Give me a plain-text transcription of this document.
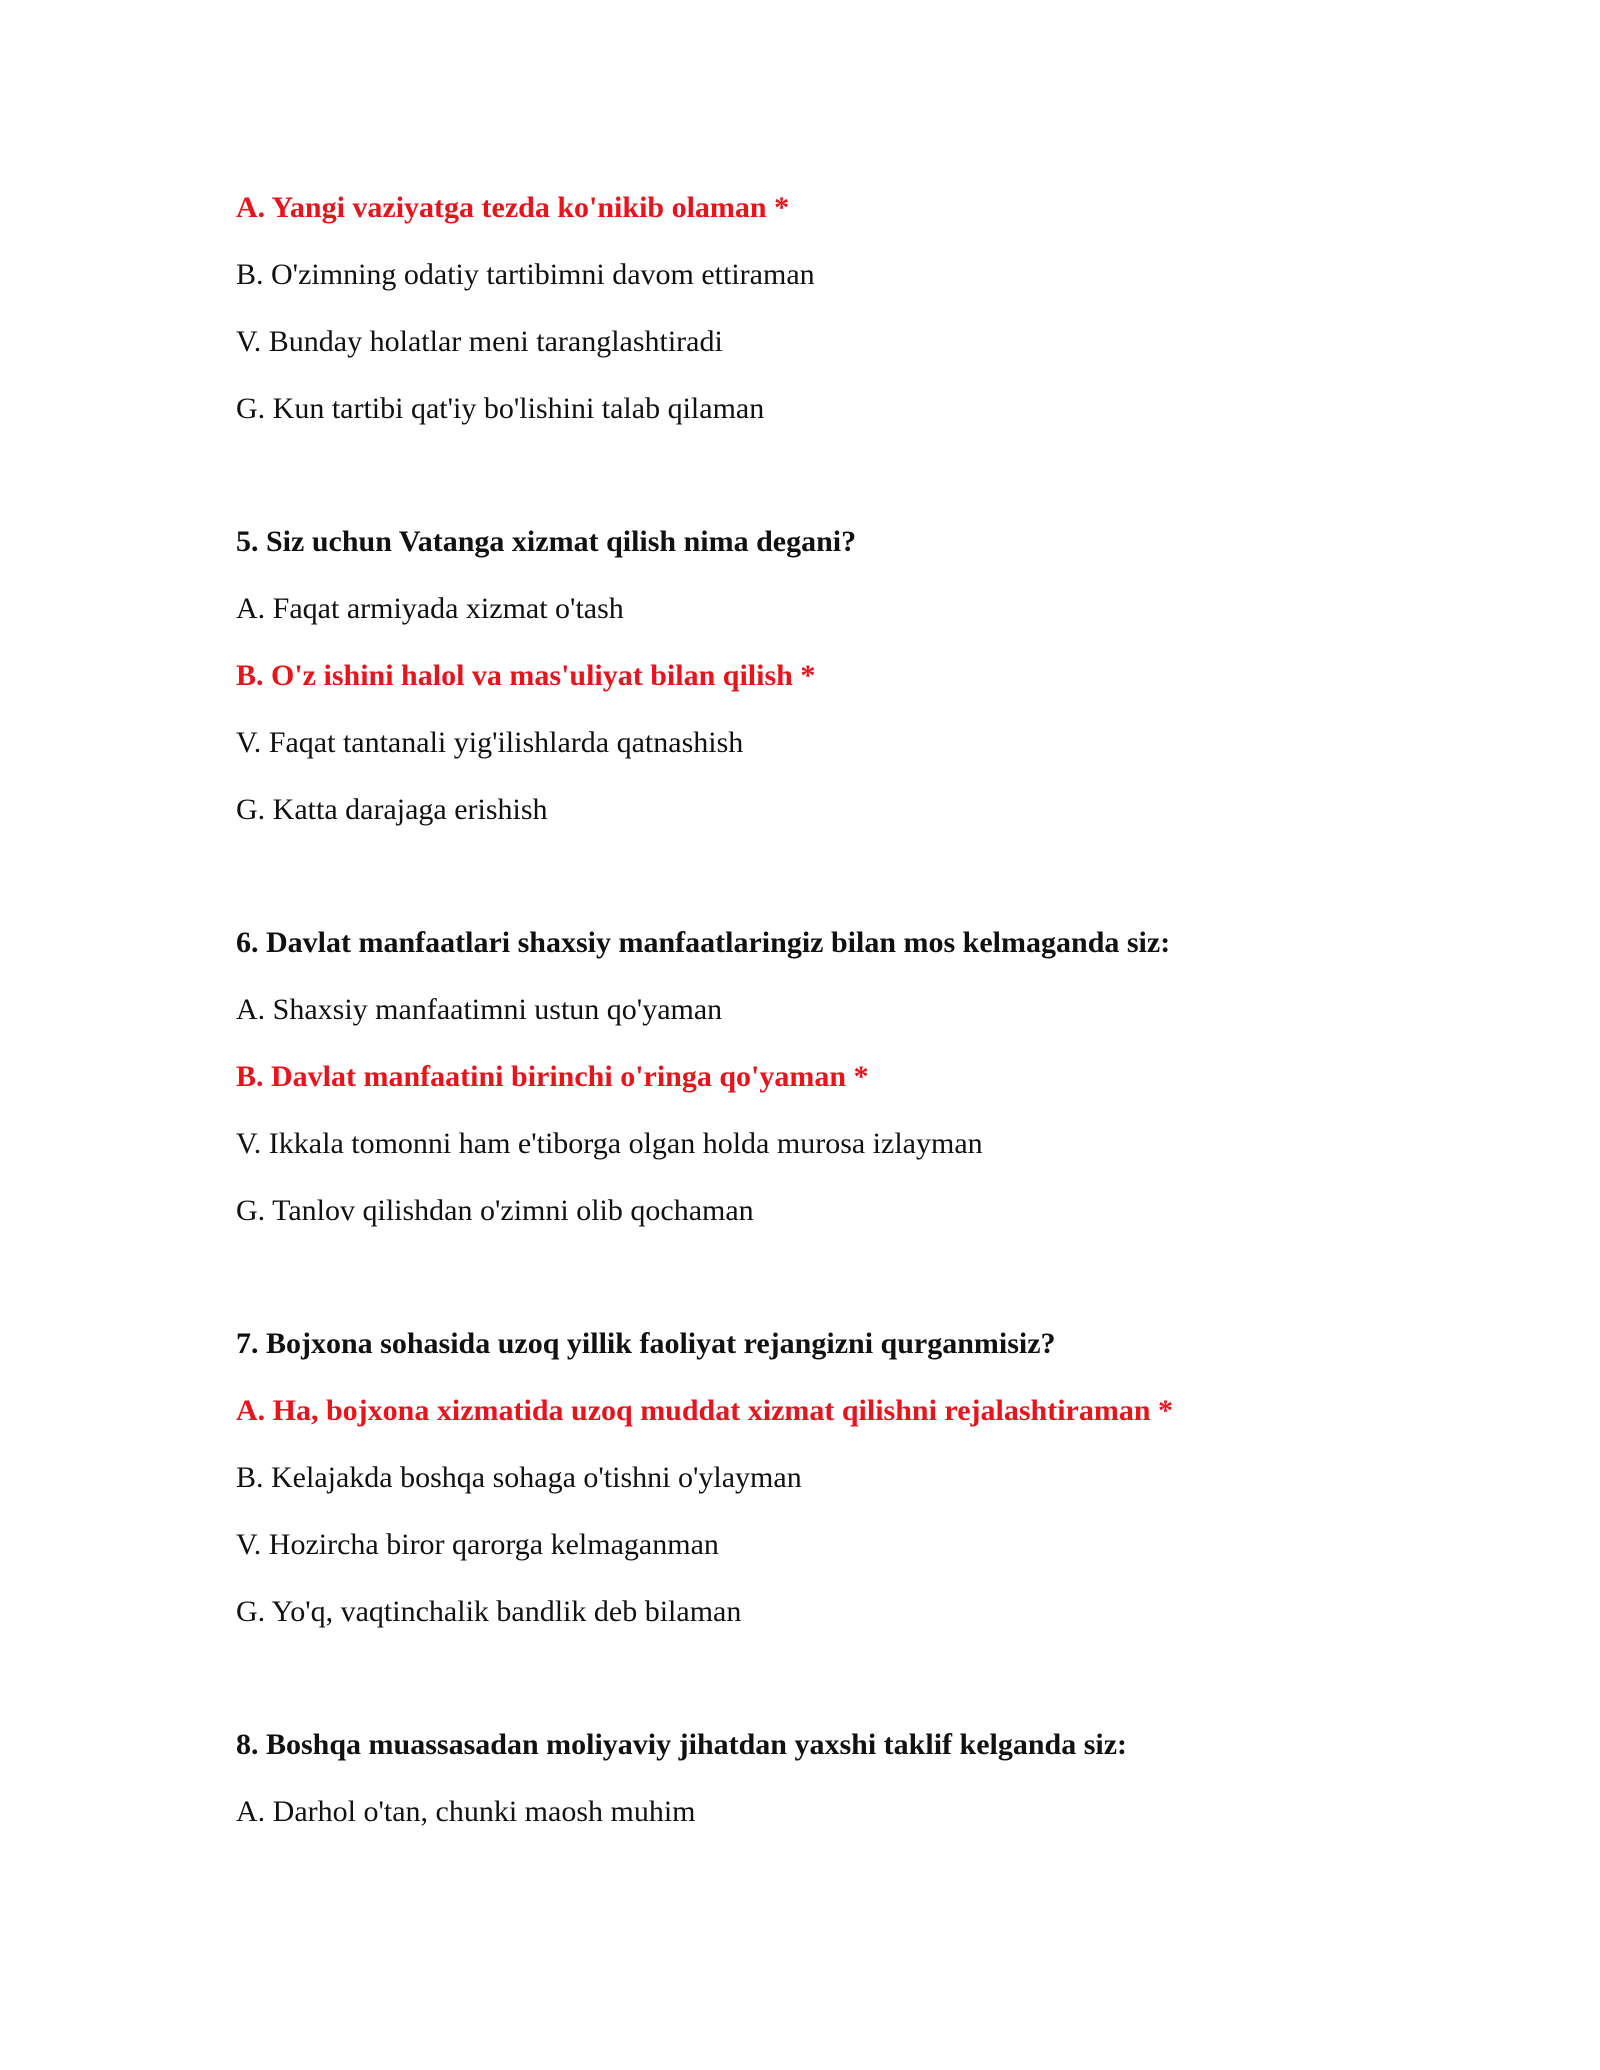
A. Yangi vaziyatga tezda ko'nikib olaman *
B. O'zimning odatiy tartibimni davom ettiraman
V. Bunday holatlar meni taranglashtiradi
G. Kun tartibi qat'iy bo'lishini talab qilaman
5. Siz uchun Vatanga xizmat qilish nima degani?
A. Faqat armiyada xizmat o'tash
B. O'z ishini halol va mas'uliyat bilan qilish *
V. Faqat tantanali yig'ilishlarda qatnashish
G. Katta darajaga erishish
6. Davlat manfaatlari shaxsiy manfaatlaringiz bilan mos kelmaganda siz:
A. Shaxsiy manfaatimni ustun qo'yaman
B. Davlat manfaatini birinchi o'ringa qo'yaman *
V. Ikkala tomonni ham e'tiborga olgan holda murosa izlayman
G. Tanlov qilishdan o'zimni olib qochaman
7. Bojxona sohasida uzoq yillik faoliyat rejangizni qurganmisiz?
A. Ha, bojxona xizmatida uzoq muddat xizmat qilishni rejalashtiraman *
B. Kelajakda boshqa sohaga o'tishni o'ylayman
V. Hozircha biror qarorga kelmaganman
G. Yo'q, vaqtinchalik bandlik deb bilaman
8. Boshqa muassasadan moliyaviy jihatdan yaxshi taklif kelganda siz:
A. Darhol o'tan, chunki maosh muhim
